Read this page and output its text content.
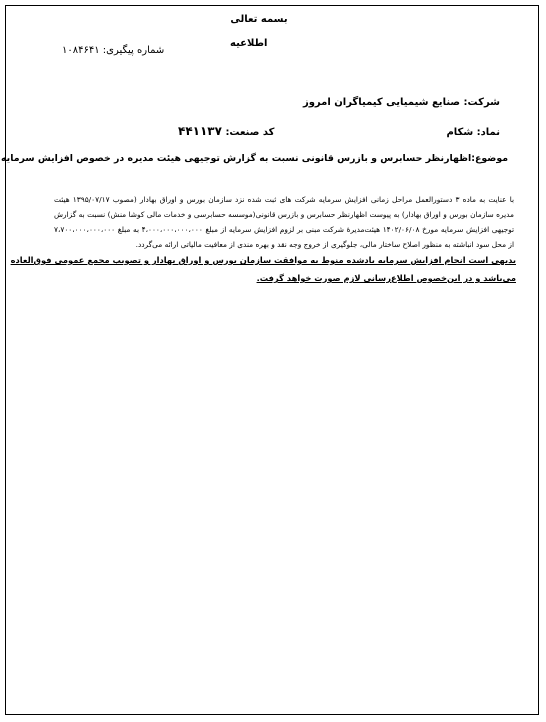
بسمه تعالی
اطلاعیه
شماره پیگیری: ۱۰۸۴۶۴۱
شرکت: صنایع شیمیایی کیمیاگران امروز
نماد: شکام
کد صنعت: ۴۴۱۱۳۷
موضوع:اظهارنظر حسابرس و بازرس قانونی نسبت به گزارش توجیهی هیئت مدیره در خصوص افزایش سرمایه
با عنایت به ماده ۳ دستورالعمل مراحل زمانی افزایش سرمایه شرکت های ثبت شده نزد سازمان بورس و اوراق بهادار (مصوب ۱۳۹۵/۰۷/۱۷ هیئت مدیره سازمان بورس و اوراق بهادار) به پیوست اظهارنظر حسابرس و بازرس قانونی(موسسه حسابرسی و خدمات مالی کوشا منش) نسبت به گزارش توجیهی افزایش سرمایه مورخ ۱۴۰۲/۰۶/۰۸ هیئت‌مدیرهٔ شرکت مبنی بر لزوم افزایش سرمایه از مبلغ ۴،۰۰۰،۰۰۰،۰۰۰،۰۰۰ به مبلغ ۷،۷۰۰،۰۰۰،۰۰۰،۰۰۰ از محل سود انباشته به منظور اصلاح ساختار مالی، جلوگیری از خروج وجه نقد و بهره مندی از معافیت مالیاتی ارائه می‌گردد.
بدیهی است انجام افزایش سرمایه یادشده منوط به موافقت سازمان بورس و اوراق بهادار و تصویب مجمع عمومی فوق‌العاده
می‌باشد و در این‌خصوص اطلاع‌رسانی لازم صورت خواهد گرفت.
